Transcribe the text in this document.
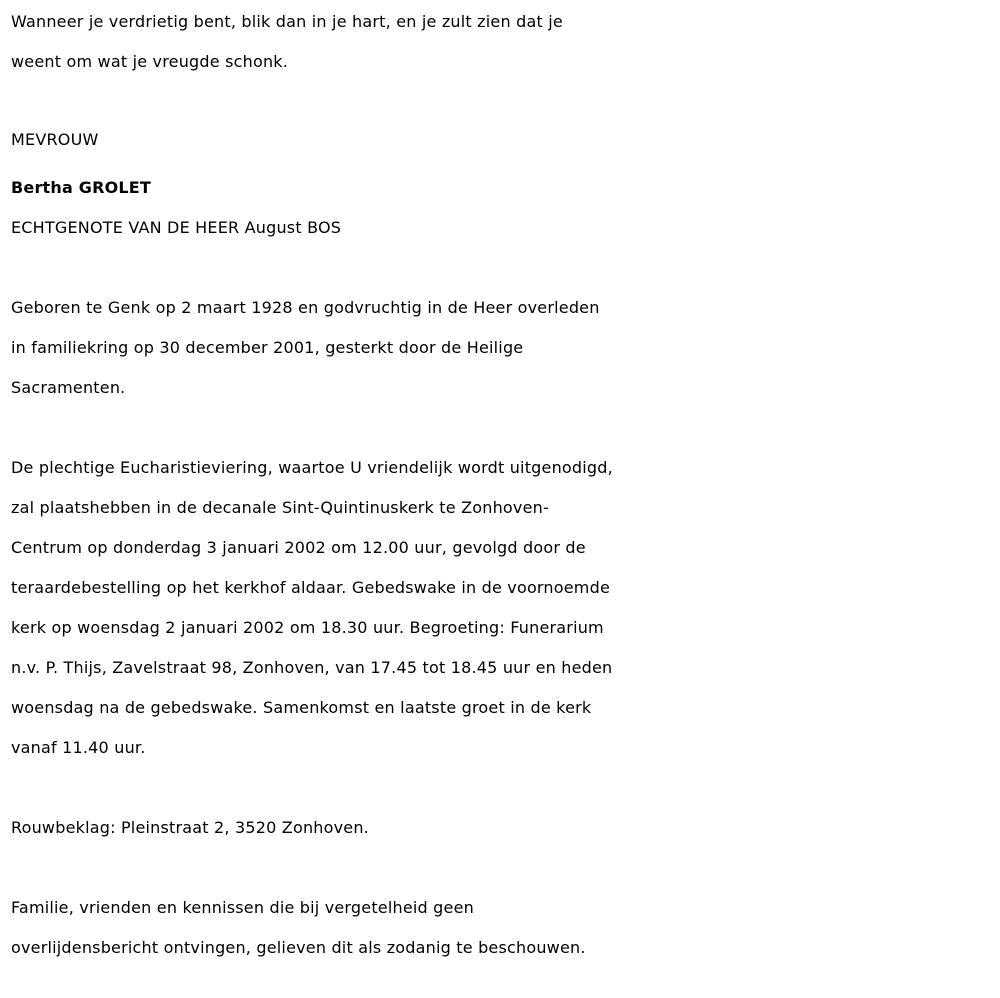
Wanneer je verdrietig bent, blik dan in je hart, en je zult zien dat je
weent om wat je vreugde schonk.
MEVROUW
Bertha GROLET
ECHTGENOTE VAN DE HEER August BOS
Geboren te Genk op 2 maart 1928 en godvruchtig in de Heer overleden
in familiekring op 30 december 2001, gesterkt door de Heilige
Sacramenten.
De plechtige Eucharistieviering, waartoe U vriendelijk wordt uitgenodigd,
zal plaatshebben in de decanale Sint-Quintinuskerk te Zonhoven-
Centrum op donderdag 3 januari 2002 om 12.00 uur, gevolgd door de
teraardebestelling op het kerkhof aldaar. Gebedswake in de voornoemde
kerk op woensdag 2 januari 2002 om 18.30 uur. Begroeting: Funerarium
n.v. P. Thijs, Zavelstraat 98, Zonhoven, van 17.45 tot 18.45 uur en heden
woensdag na de gebedswake. Samenkomst en laatste groet in de kerk
vanaf 11.40 uur.
Rouwbeklag: Pleinstraat 2, 3520 Zonhoven.
Familie, vrienden en kennissen die bij vergetelheid geen
overlijdensbericht ontvingen, gelieven dit als zodanig te beschouwen.
